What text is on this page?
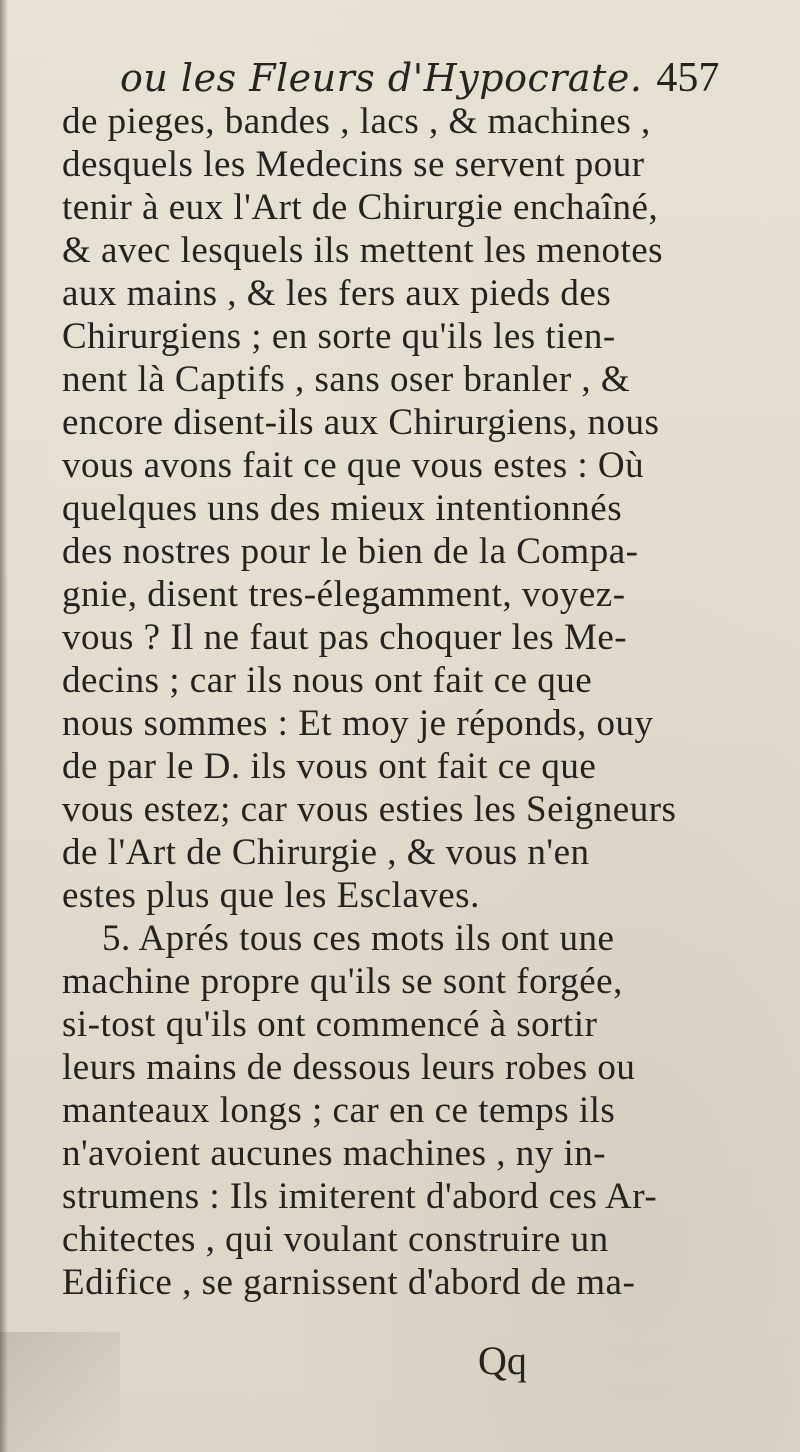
ou les Fleurs d'Hypocrate. 457
de pieges, bandes , lacs , & machines ,
desquels les Medecins se servent pour
tenir à eux l'Art de Chirurgie enchaîné,
& avec lesquels ils mettent les menotes
aux mains , & les fers aux pieds des
Chirurgiens ; en sorte qu'ils les tien-
nent là Captifs , sans oser branler , &
encore disent-ils aux Chirurgiens, nous
vous avons fait ce que vous estes : Où
quelques uns des mieux intentionnés
des nostres pour le bien de la Compa-
gnie, disent tres-élegamment, voyez-
vous ? Il ne faut pas choquer les Me-
decins ; car ils nous ont fait ce que
nous sommes : Et moy je réponds, ouy
de par le D. ils vous ont fait ce que
vous estez; car vous esties les Seigneurs
de l'Art de Chirurgie , & vous n'en
estes plus que les Esclaves.
5. Aprés tous ces mots ils ont une
machine propre qu'ils se sont forgée,
si-tost qu'ils ont commencé à sortir
leurs mains de dessous leurs robes ou
manteaux longs ; car en ce temps ils
n'avoient aucunes machines , ny in-
strumens : Ils imiterent d'abord ces Ar-
chitectes , qui voulant construire un
Edifice , se garnissent d'abord de ma-
Qq
